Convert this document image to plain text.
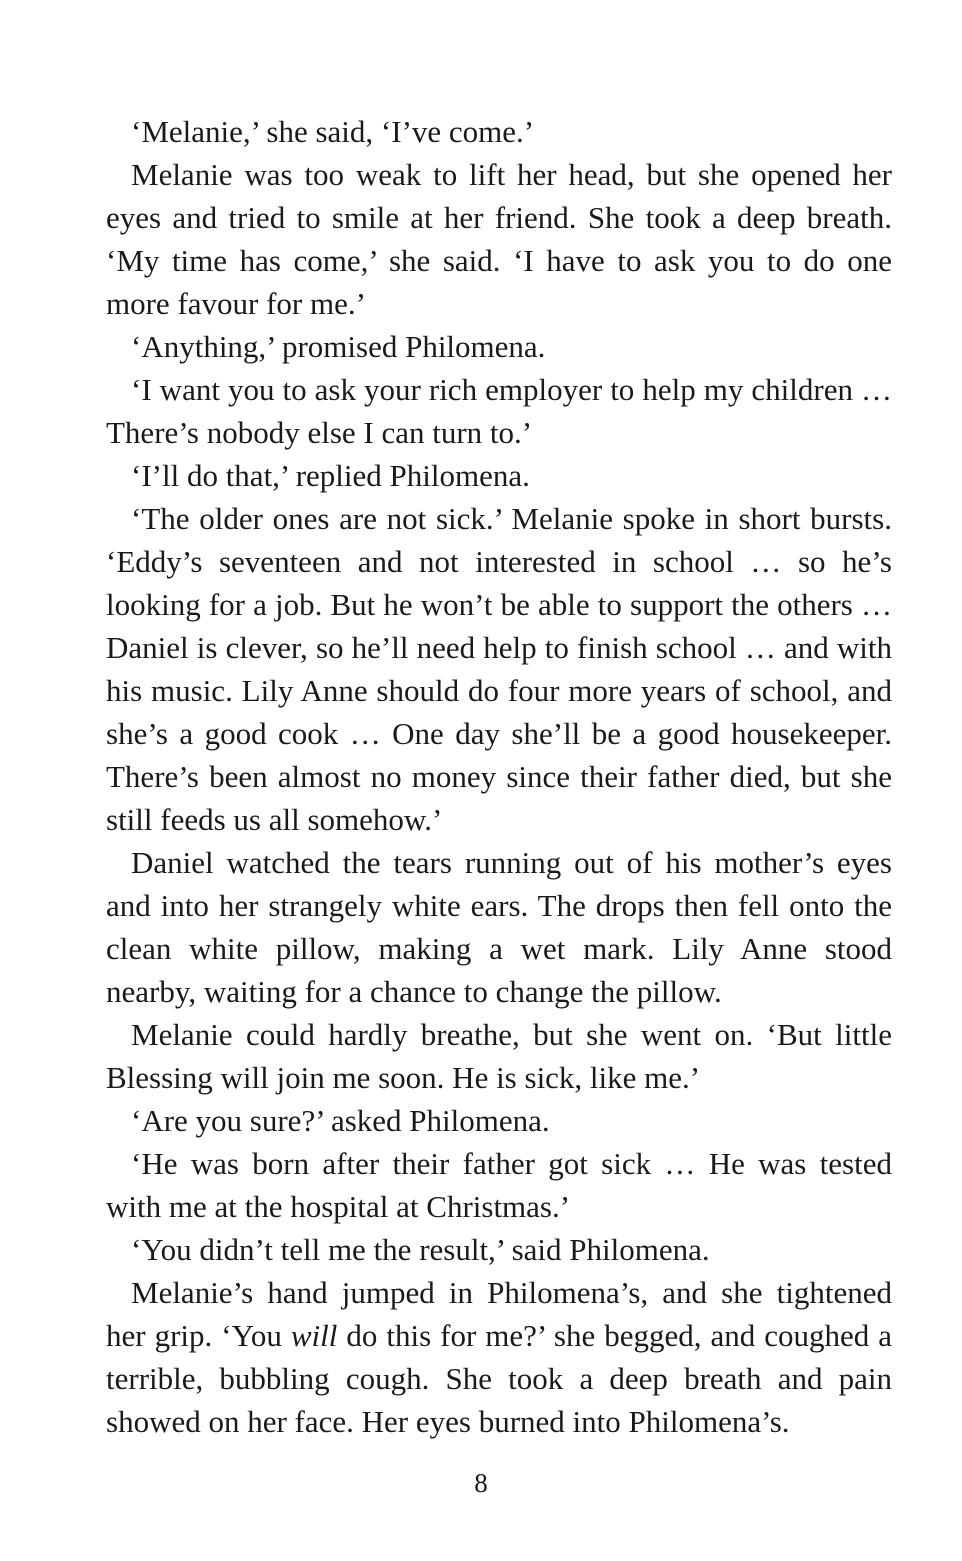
‘Melanie,’ she said, ‘I’ve come.’

Melanie was too weak to lift her head, but she opened her eyes and tried to smile at her friend. She took a deep breath. ‘My time has come,’ she said. ‘I have to ask you to do one more favour for me.’

‘Anything,’ promised Philomena.

‘I want you to ask your rich employer to help my children … There’s nobody else I can turn to.’

‘I’ll do that,’ replied Philomena.

‘The older ones are not sick.’ Melanie spoke in short bursts. ‘Eddy’s seventeen and not interested in school … so he’s looking for a job. But he won’t be able to support the others … Daniel is clever, so he’ll need help to finish school … and with his music. Lily Anne should do four more years of school, and she’s a good cook … One day she’ll be a good housekeeper. There’s been almost no money since their father died, but she still feeds us all somehow.’

Daniel watched the tears running out of his mother’s eyes and into her strangely white ears. The drops then fell onto the clean white pillow, making a wet mark. Lily Anne stood nearby, waiting for a chance to change the pillow.

Melanie could hardly breathe, but she went on. ‘But little Blessing will join me soon. He is sick, like me.’

‘Are you sure?’ asked Philomena.

‘He was born after their father got sick … He was tested with me at the hospital at Christmas.’

‘You didn’t tell me the result,’ said Philomena.

Melanie’s hand jumped in Philomena’s, and she tightened her grip. ‘You will do this for me?’ she begged, and coughed a terrible, bubbling cough. She took a deep breath and pain showed on her face. Her eyes burned into Philomena’s.

8
